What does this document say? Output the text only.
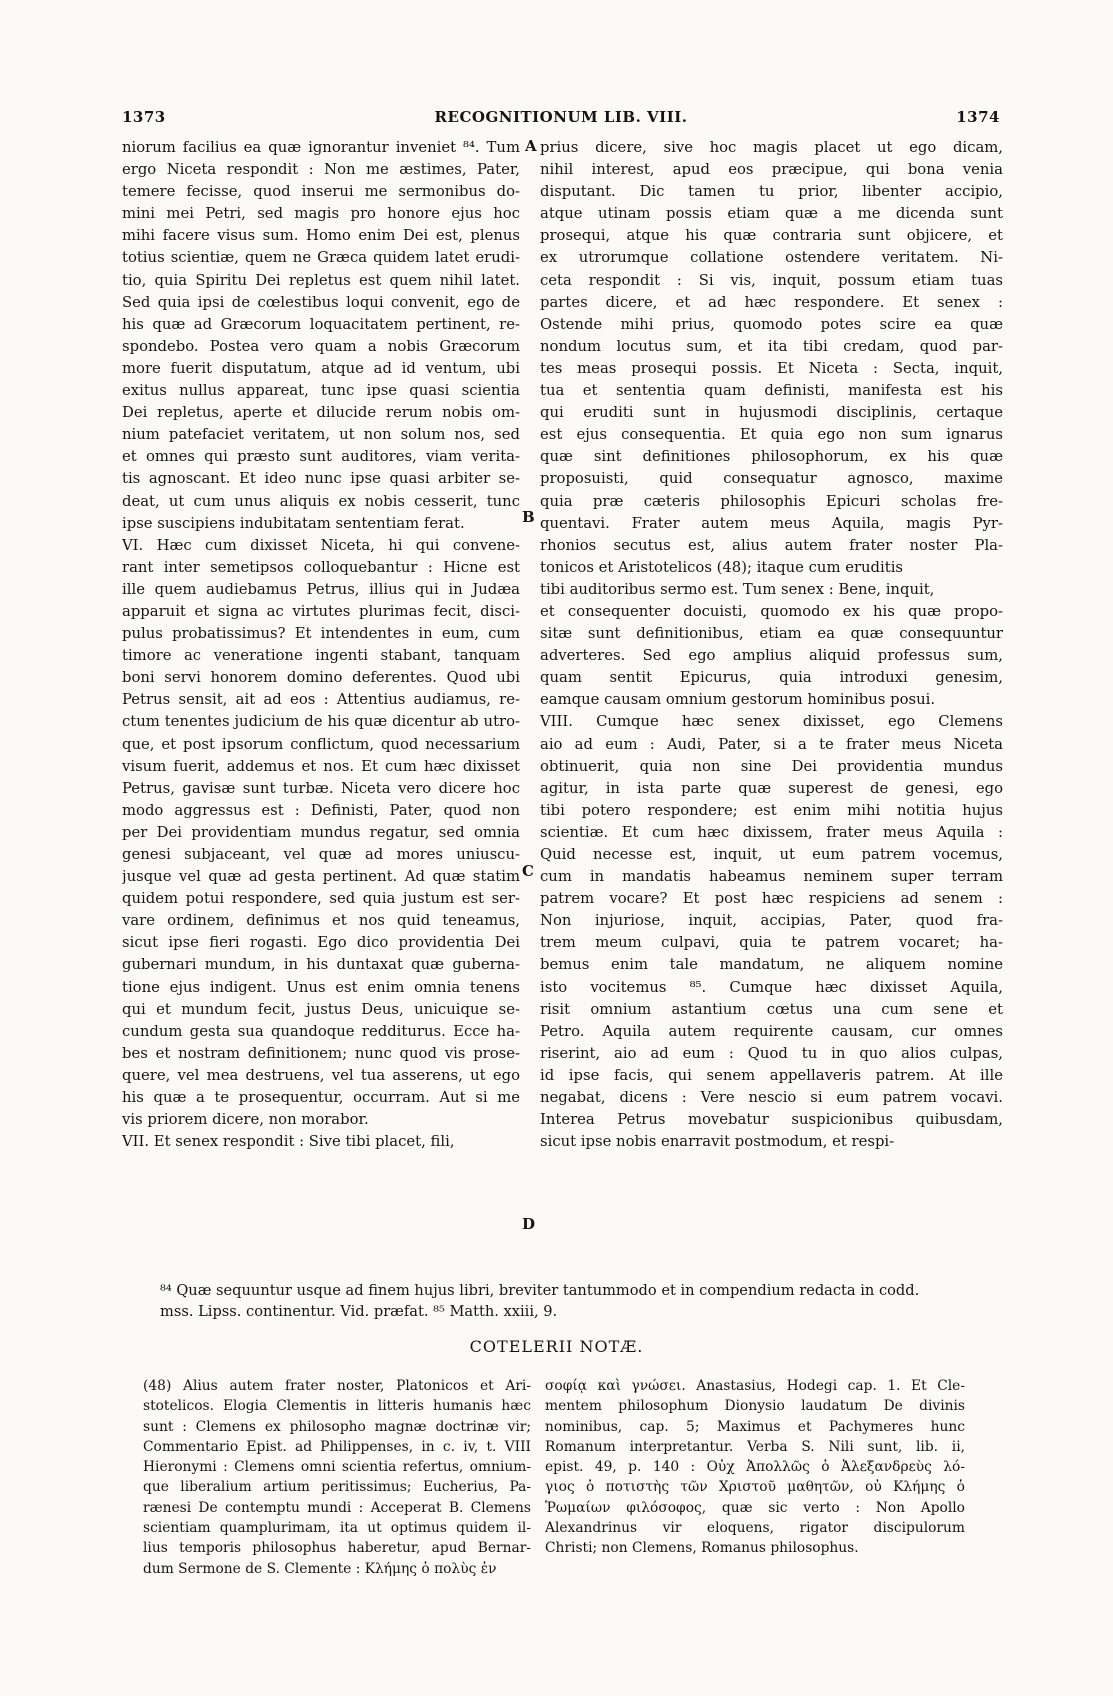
1373	RECOGNITIONUM LIB. VIII.	1374
niorum facilius ea quæ ignorantur inveniet ⁸⁴. Tum
ergo Niceta respondit : Non me æstimes, Pater,
temere fecisse, quod inserui me sermonibus do-
mini mei Petri, sed magis pro honore ejus hoc
mihi facere visus sum. Homo enim Dei est, plenus
totius scientiæ, quem ne Græca quidem latet erudi-
tio, quia Spiritu Dei repletus est quem nihil latet.
Sed quia ipsi de cœlestibus loqui convenit, ego de
his quæ ad Græcorum loquacitatem pertinent, re-
spondebo. Postea vero quam a nobis Græcorum
more fuerit disputatum, atque ad id ventum, ubi
exitus nullus appareat, tunc ipse quasi scientia
Dei repletus, aperte et dilucide rerum nobis om-
nium patefaciet veritatem, ut non solum nos, sed
et omnes qui præsto sunt auditores, viam verita-
tis agnoscant. Et ideo nunc ipse quasi arbiter se-
deat, ut cum unus aliquis ex nobis cesserit, tunc
ipse suscipiens indubitatam sententiam ferat.
VI. Hæc cum dixisset Niceta, hi qui convene-
rant inter semetipsos colloquebantur : Hicne est
ille quem audiebamus Petrus, illius qui in Judæa
apparuit et signa ac virtutes plurimas fecit, disci-
pulus probatissimus? Et intendentes in eum, cum
timore ac veneratione ingenti stabant, tanquam
boni servi honorem domino deferentes. Quod ubi
Petrus sensit, ait ad eos : Attentius audiamus, re-
ctum tenentes judicium de his quæ dicentur ab utro-
que, et post ipsorum conflictum, quod necessarium
visum fuerit, addemus et nos. Et cum hæc dixisset
Petrus, gavisæ sunt turbæ. Niceta vero dicere hoc
modo aggressus est : Definisti, Pater, quod non
per Dei providentiam mundus regatur, sed omnia
genesi subjaceant, vel quæ ad mores uniuscu-
jusque vel quæ ad gesta pertinent. Ad quæ statim
quidem potui respondere, sed quia justum est ser-
vare ordinem, definimus et nos quid teneamus,
sicut ipse fieri rogasti. Ego dico providentia Dei
gubernari mundum, in his duntaxat quæ guberna-
tione ejus indigent. Unus est enim omnia tenens
qui et mundum fecit, justus Deus, unicuique se-
cundum gesta sua quandoque redditurus. Ecce ha-
bes et nostram definitionem; nunc quod vis prose-
quere, vel mea destruens, vel tua asserens, ut ego
his quæ a te prosequentur, occurram. Aut si me
vis priorem dicere, non morabor.
VII. Et senex respondit : Sive tibi placet, fili,
prius dicere, sive hoc magis placet ut ego dicam,
nihil interest, apud eos præcipue, qui bona venia
disputant. Dic tamen tu prior, libenter accipio,
atque utinam possis etiam quæ a me dicenda sunt
prosequi, atque his quæ contraria sunt objicere, et
ex utrorumque collatione ostendere veritatem. Ni-
ceta respondit : Si vis, inquit, possum etiam tuas
partes dicere, et ad hæc respondere. Et senex :
Ostende mihi prius, quomodo potes scire ea quæ
nondum locutus sum, et ita tibi credam, quod par-
tes meas prosequi possis. Et Niceta : Secta, inquit,
tua et sententia quam definisti, manifesta est his
qui eruditi sunt in hujusmodi disciplinis, certaque
est ejus consequentia. Et quia ego non sum ignarus
quæ sint definitiones philosophorum, ex his quæ
proposuisti, quid consequatur agnosco, maxime
quia præ cæteris philosophis Epicuri scholas fre-
quentavi. Frater autem meus Aquila, magis Pyr-
rhonios secutus est, alius autem frater noster Pla-
tonicos et Aristotelicos (48); itaque cum eruditis
tibi auditoribus sermo est. Tum senex : Bene, inquit,
et consequenter docuisti, quomodo ex his quæ propo-
sitæ sunt definitionibus, etiam ea quæ consequuntur
adverteres. Sed ego amplius aliquid professus sum,
quam sentit Epicurus, quia introduxi genesim,
eamque causam omnium gestorum hominibus posui.
VIII. Cumque hæc senex dixisset, ego Clemens
aio ad eum : Audi, Pater, si a te frater meus Niceta
obtinuerit, quia non sine Dei providentia mundus
agitur, in ista parte quæ superest de genesi, ego
tibi potero respondere; est enim mihi notitia hujus
scientiæ. Et cum hæc dixissem, frater meus Aquila :
Quid necesse est, inquit, ut eum patrem vocemus,
cum in mandatis habeamus neminem super terram
patrem vocare? Et post hæc respiciens ad senem :
Non injuriose, inquit, accipias, Pater, quod fra-
trem meum culpavi, quia te patrem vocaret; ha-
bemus enim tale mandatum, ne aliquem nomine
isto vocitemus ⁸⁵. Cumque hæc dixisset Aquila,
risit omnium astantium cœtus una cum sene et
Petro. Aquila autem requirente causam, cur omnes
riserint, aio ad eum : Quod tu in quo alios culpas,
id ipse facis, qui senem appellaveris patrem. At ille
negabat, dicens : Vere nescio si eum patrem vocavi.
Interea Petrus movebatur suspicionibus quibusdam,
sicut ipse nobis enarravit postmodum, et respi-
A
B
C
D
⁸⁴ Quæ sequuntur usque ad finem hujus libri, breviter tantummodo et in compendium redacta in codd.
mss. Lipss. continentur. Vid. præfat. ⁸⁵ Matth. xxiii, 9.
COTELERII NOTÆ.
(48) Alius autem frater noster, Platonicos et Ari-
stotelicos. Elogia Clementis in litteris humanis hæc
sunt : Clemens ex philosopho magnæ doctrinæ vir;
Commentario Epist. ad Philippenses, in c. iv, t. VIII
Hieronymi : Clemens omni scientia refertus, omnium-
que liberalium artium peritissimus; Eucherius, Pa-
rænesi De contemptu mundi : Acceperat B. Clemens
scientiam quamplurimam, ita ut optimus quidem il-
lius temporis philosophus haberetur, apud Bernar-
dum Sermone de S. Clemente : Κλήμης ὁ πολὺς ἐν
σοφίᾳ καὶ γνώσει. Anastasius, Hodegi cap. 1. Et Cle-
mentem philosophum Dionysio laudatum De divinis
nominibus, cap. 5; Maximus et Pachymeres hunc
Romanum interpretantur. Verba S. Nili sunt, lib. ii,
epist. 49, p. 140 : Οὐχ Ἀπολλῶς ὁ Ἀλεξανδρεὺς λό-
γιος ὁ ποτιστὴς τῶν Χριστοῦ μαθητῶν, οὐ Κλήμης ὁ
Ῥωμαίων φιλόσοφος, quæ sic verto : Non Apollo
Alexandrinus vir eloquens, rigator discipulorum
Christi; non Clemens, Romanus philosophus.
